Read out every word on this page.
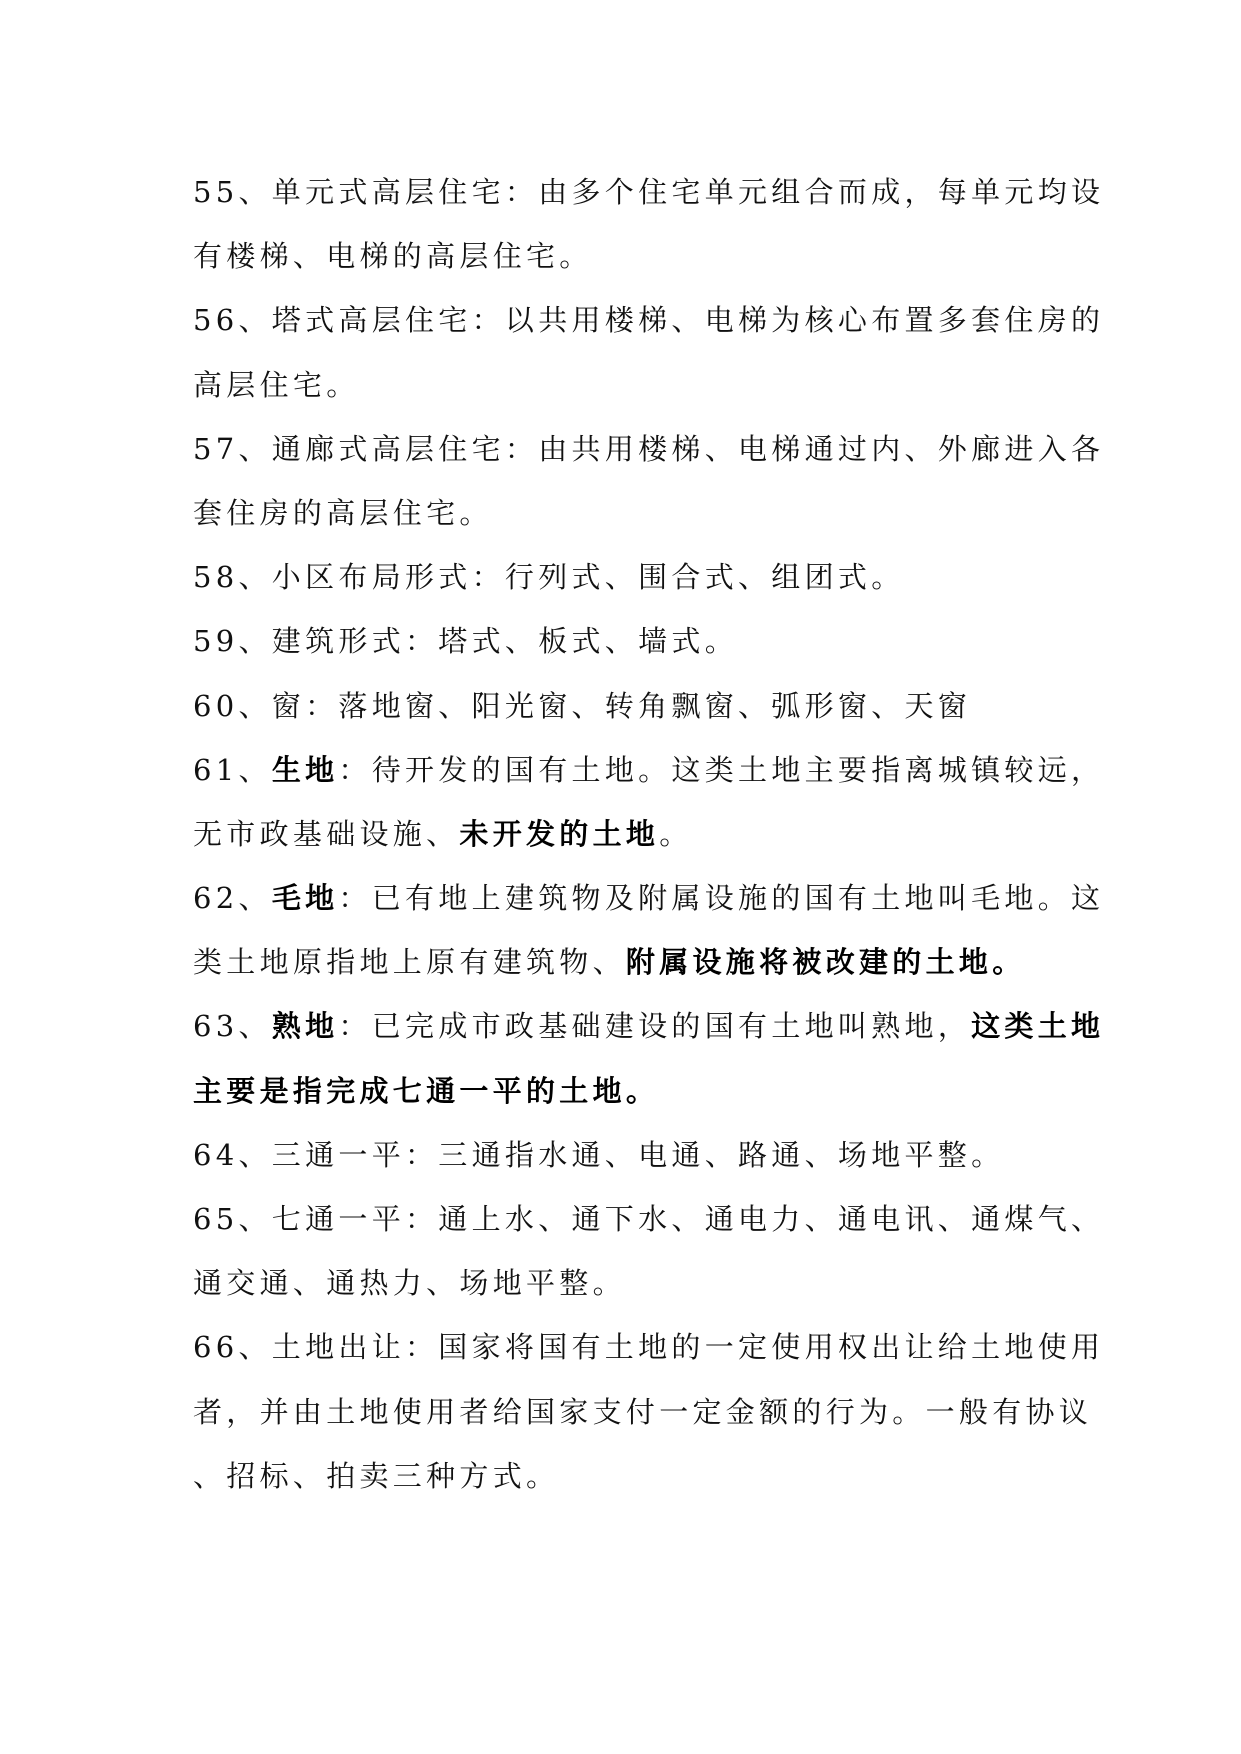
55、单元式高层住宅：由多个住宅单元组合而成，每单元均设
有楼梯、电梯的高层住宅。
56、塔式高层住宅：以共用楼梯、电梯为核心布置多套住房的
高层住宅。
57、通廊式高层住宅：由共用楼梯、电梯通过内、外廊进入各
套住房的高层住宅。
58、小区布局形式：行列式、围合式、组团式。
59、建筑形式：塔式、板式、墙式。
60、窗：落地窗、阳光窗、转角飘窗、弧形窗、天窗
61、生地：待开发的国有土地。这类土地主要指离城镇较远，
无市政基础设施、未开发的土地。
62、毛地：已有地上建筑物及附属设施的国有土地叫毛地。这
类土地原指地上原有建筑物、附属设施将被改建的土地。
63、熟地：已完成市政基础建设的国有土地叫熟地，这类土地
主要是指完成七通一平的土地。
64、三通一平：三通指水通、电通、路通、场地平整。
65、七通一平：通上水、通下水、通电力、通电讯、通煤气、
通交通、通热力、场地平整。
66、土地出让：国家将国有土地的一定使用权出让给土地使用
者，并由土地使用者给国家支付一定金额的行为。一般有协议
、招标、拍卖三种方式。
